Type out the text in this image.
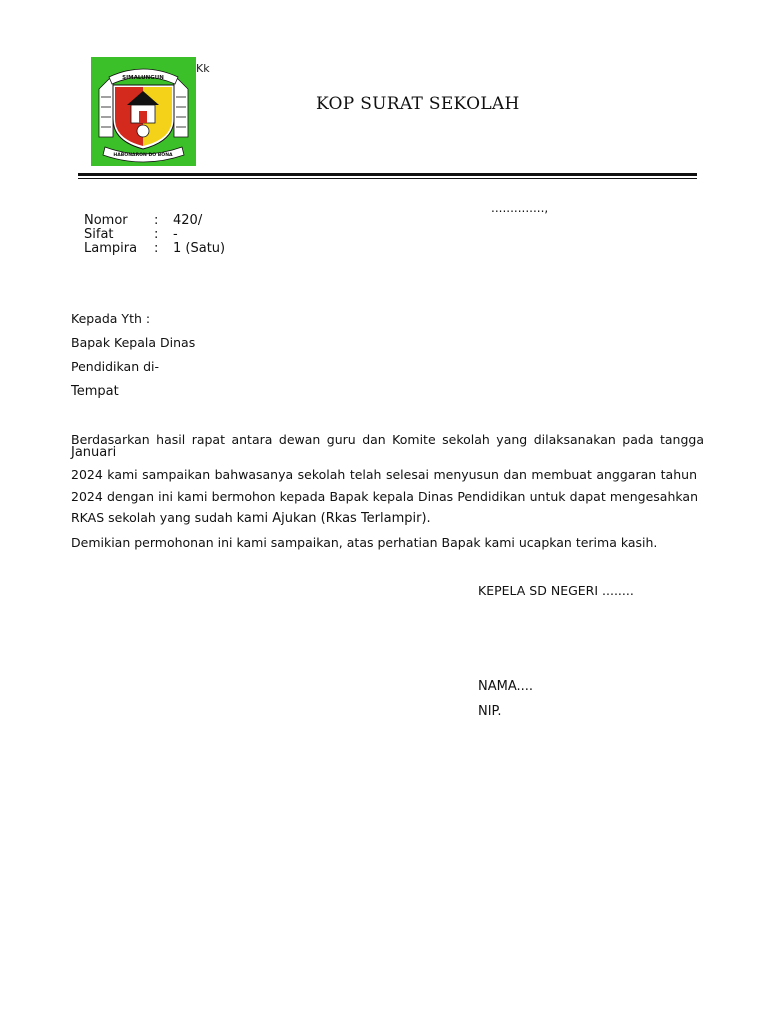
SIMALUNGUN
HABONARON DO BONA
Kk
KOP SURAT SEKOLAH
..............,
Nomor : 420/
Sifat	: -
Lampira : 1 (Satu)
Kepada Yth :
Bapak Kepala Dinas
Pendidikan di-
Tempat
Berdasarkan hasil rapat antara dewan guru dan Komite sekolah yang dilaksanakan pada tangga
Januari
2024 kami sampaikan bahwasanya sekolah telah selesai menyusun dan membuat anggaran tahun
2024 dengan ini kami bermohon kepada Bapak kepala Dinas Pendidikan untuk dapat mengesahkan
RKAS sekolah yang sudah kami Ajukan (Rkas Terlampir).
Demikian permohonan ini kami sampaikan, atas perhatian Bapak kami ucapkan terima kasih.
KEPELA SD NEGERI ........
NAMA....
NIP.
